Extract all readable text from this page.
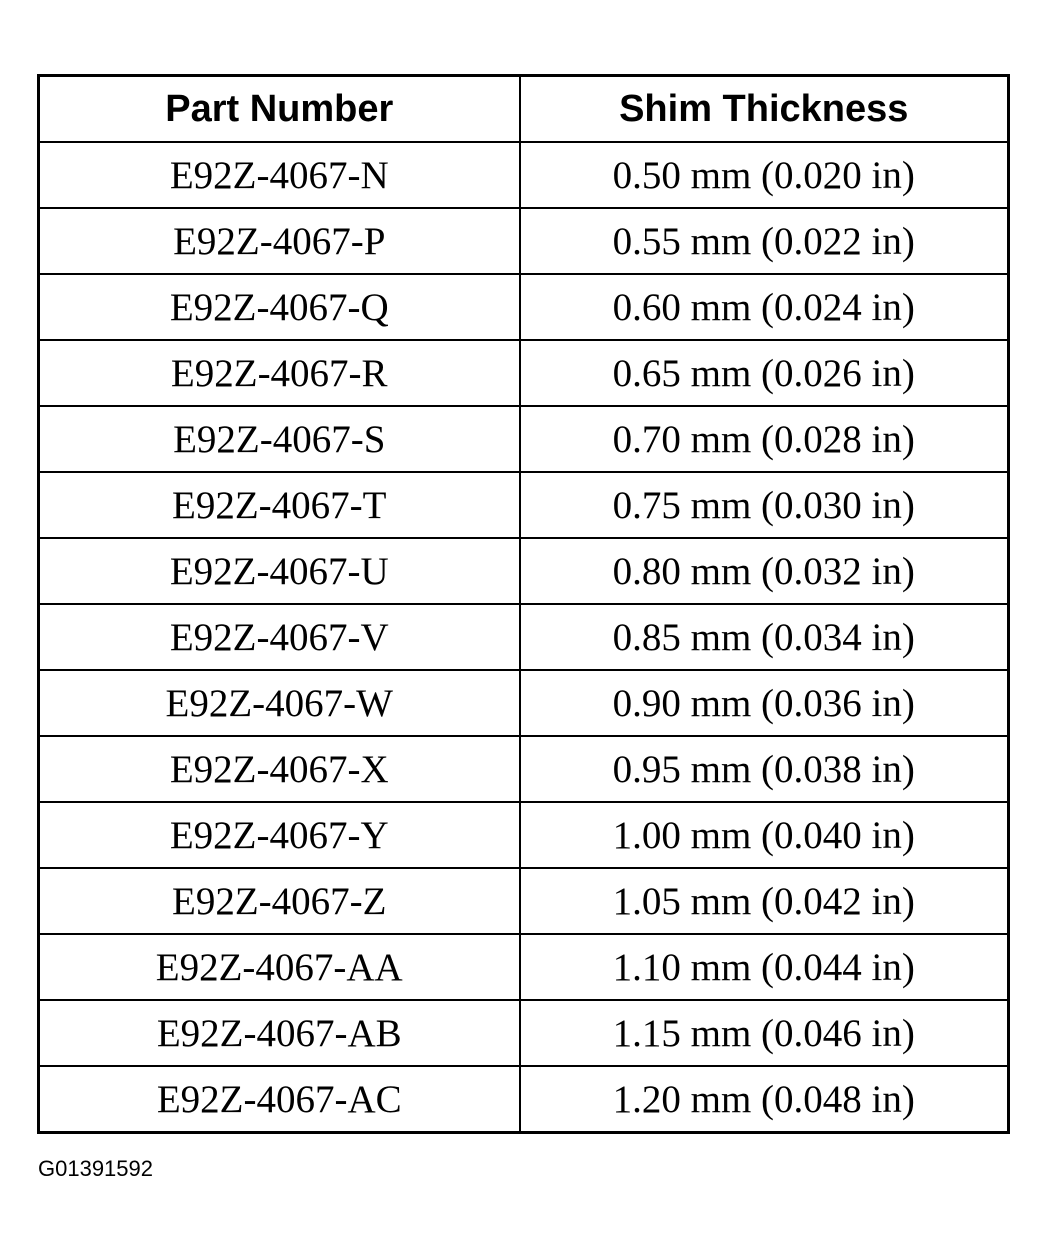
Part Number	Shim Thickness
E92Z-4067-N	0.50 mm (0.020 in)
E92Z-4067-P	0.55 mm (0.022 in)
E92Z-4067-Q	0.60 mm (0.024 in)
E92Z-4067-R	0.65 mm (0.026 in)
E92Z-4067-S	0.70 mm (0.028 in)
E92Z-4067-T	0.75 mm (0.030 in)
E92Z-4067-U	0.80 mm (0.032 in)
E92Z-4067-V	0.85 mm (0.034 in)
E92Z-4067-W	0.90 mm (0.036 in)
E92Z-4067-X	0.95 mm (0.038 in)
E92Z-4067-Y	1.00 mm (0.040 in)
E92Z-4067-Z	1.05 mm (0.042 in)
E92Z-4067-AA	1.10 mm (0.044 in)
E92Z-4067-AB	1.15 mm (0.046 in)
E92Z-4067-AC	1.20 mm (0.048 in)

G01391592
